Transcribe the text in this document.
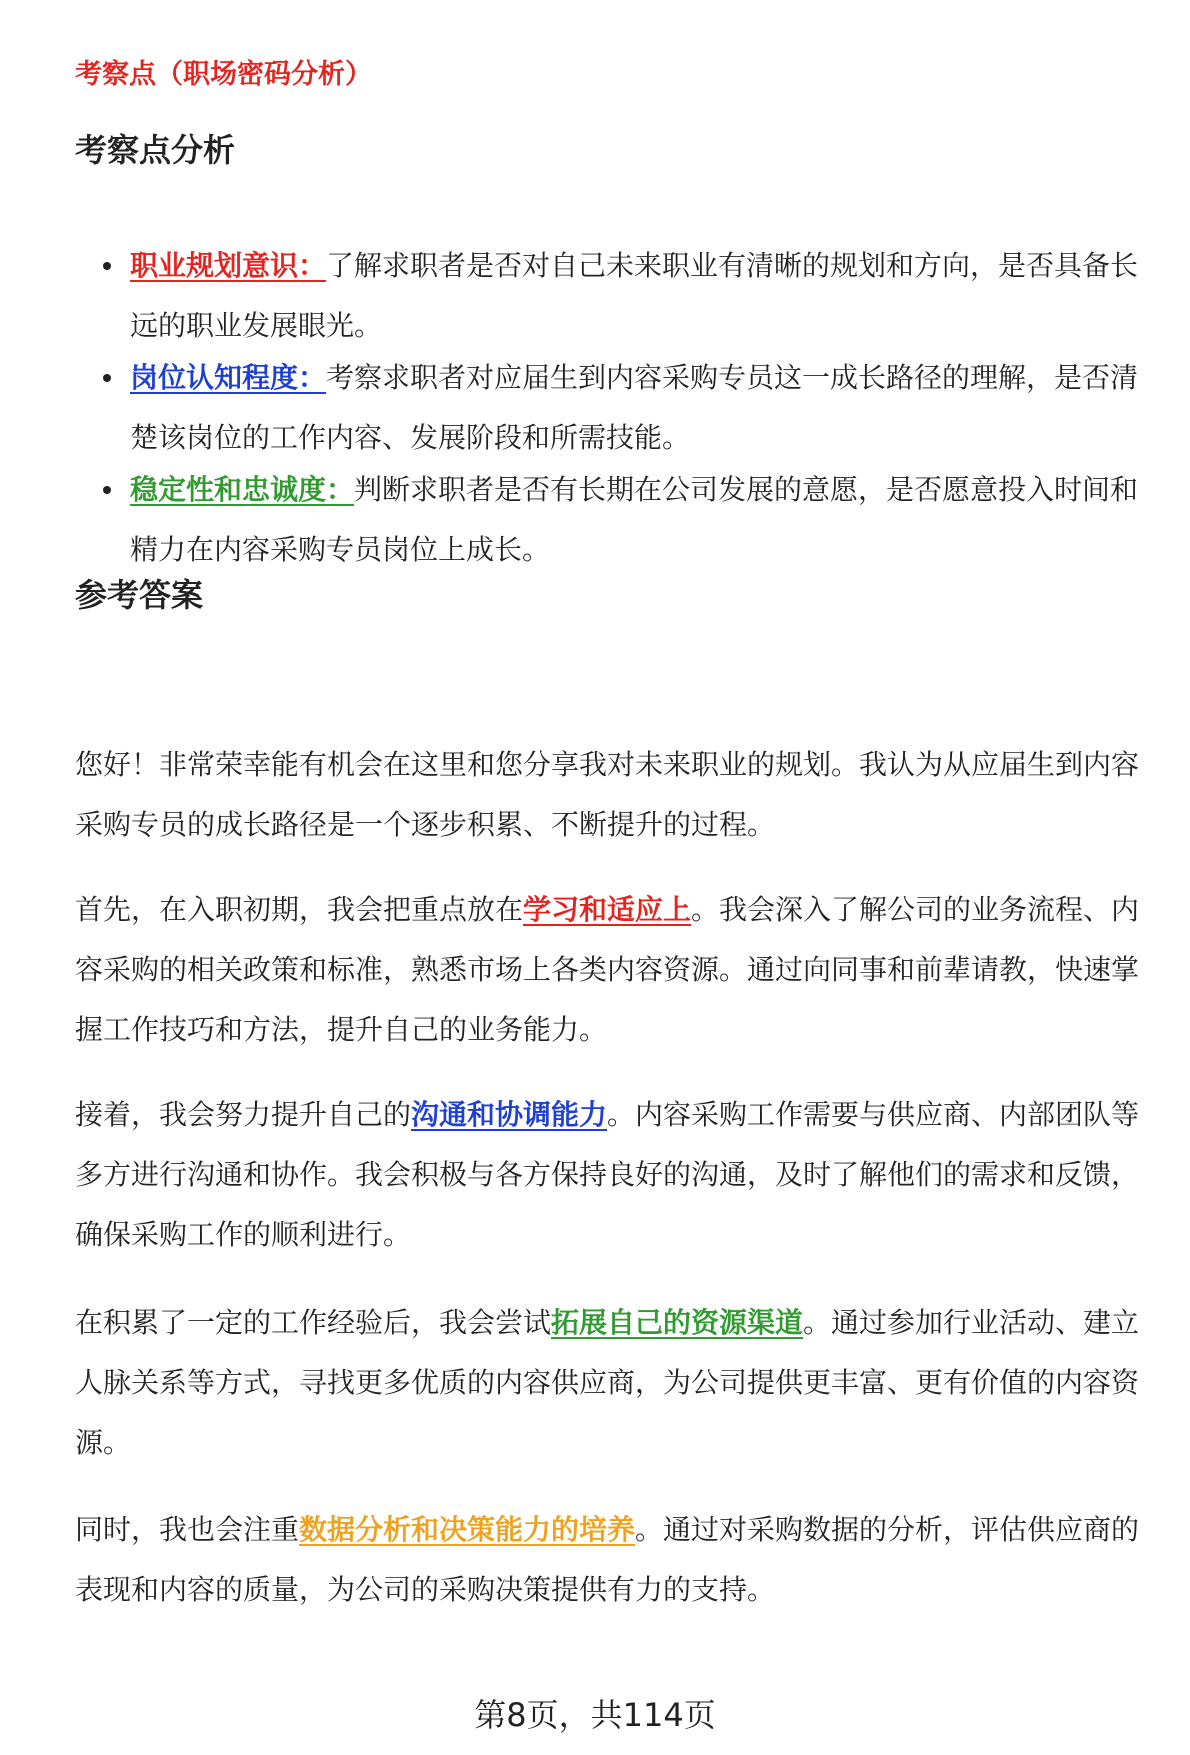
考察点（职场密码分析）
考察点分析
职业规划意识：了解求职者是否对自己未来职业有清晰的规划和方向，是否具备长远的职业发展眼光。
岗位认知程度：考察求职者对应届生到内容采购专员这一成长路径的理解，是否清楚该岗位的工作内容、发展阶段和所需技能。
稳定性和忠诚度：判断求职者是否有长期在公司发展的意愿，是否愿意投入时间和精力在内容采购专员岗位上成长。
参考答案

您好！非常荣幸能有机会在这里和您分享我对未来职业的规划。我认为从应届生到内容采购专员的成长路径是一个逐步积累、不断提升的过程。

首先，在入职初期，我会把重点放在学习和适应上。我会深入了解公司的业务流程、内容采购的相关政策和标准，熟悉市场上各类内容资源。通过向同事和前辈请教，快速掌握工作技巧和方法，提升自己的业务能力。

接着，我会努力提升自己的沟通和协调能力。内容采购工作需要与供应商、内部团队等多方进行沟通和协作。我会积极与各方保持良好的沟通，及时了解他们的需求和反馈，确保采购工作的顺利进行。

在积累了一定的工作经验后，我会尝试拓展自己的资源渠道。通过参加行业活动、建立人脉关系等方式，寻找更多优质的内容供应商，为公司提供更丰富、更有价值的内容资源。

同时，我也会注重数据分析和决策能力的培养。通过对采购数据的分析，评估供应商的表现和内容的质量，为公司的采购决策提供有力的支持。

第8页，共114页
